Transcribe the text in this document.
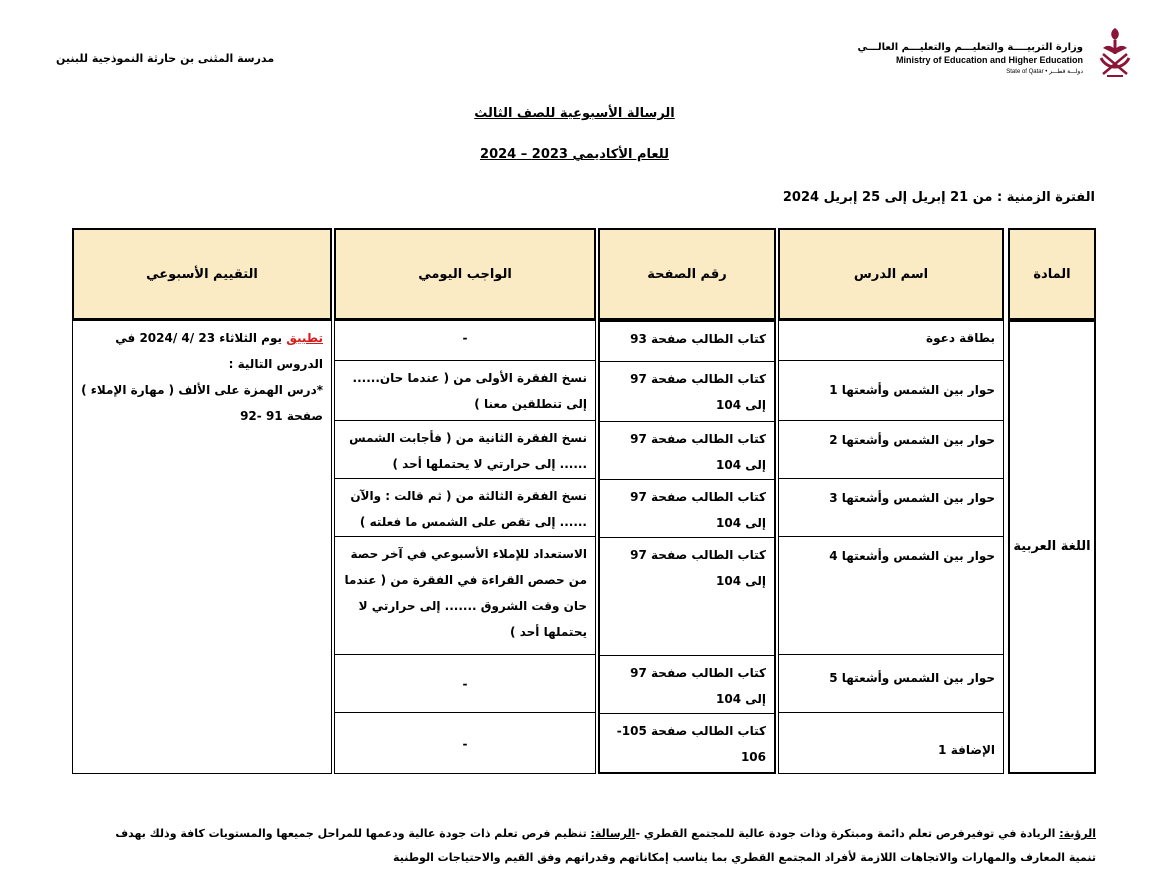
مدرسة المثنى بن حارثة النموذجية للبنين
وزارة التربيــــة والتعليـــم والتعليـــم العالـــي
Ministry of Education and Higher Education
State of Qatar • دولـــة قطـــر
الرسالة الأسبوعية للصف الثالث
للعام الأكاديمي 2023 – 2024
الفترة الزمنية : من 21 إبريل إلى 25 إبريل 2024
المادة
اسم الدرس
رقم الصفحة
الواجب اليومي
التقييم الأسبوعي
اللغة العربية
بطاقة دعوة
حوار بين الشمس وأشعتها 1
حوار بين الشمس وأشعتها 2
حوار بين الشمس وأشعتها 3
حوار بين الشمس وأشعتها 4
حوار بين الشمس وأشعتها 5
الإضافة 1
كتاب الطالب صفحة 93
كتاب الطالب صفحة 97 إلى 104
كتاب الطالب صفحة 97 إلى 104
كتاب الطالب صفحة 97 إلى 104
كتاب الطالب صفحة 97 إلى 104
كتاب الطالب صفحة 97 إلى 104
كتاب الطالب صفحة 105-106
-
نسخ الفقرة الأولى من ( عندما حان...... إلى تنطلقين معنا )
نسخ الفقرة الثانية من ( فأجابت الشمس ...... إلى حرارتي لا يحتملها أحد )
نسخ الفقرة الثالثة من ( ثم قالت : والآن ...... إلى تقص على الشمس ما فعلته )
الاستعداد للإملاء الأسبوعي في آخر حصة من حصص القراءة في الفقرة من ( عندما حان وقت الشروق ....... إلى حرارتي لا يحتملها أحد )
-
-
تطبيق يوم الثلاثاء 23 /4 /2024 في الدروس التالية :
*درس الهمزة على الألف ( مهارة الإملاء ) صفحة 91 -92
الرؤية: الريادة في توفيرفرص تعلم دائمة ومبتكرة وذات جودة عالية للمجتمع القطري -الرسالة: تنظيم فرص تعلم ذات جودة عالية ودعمها للمراحل جميعها والمستويات كافة وذلك بهدف تنمية المعارف والمهارات والاتجاهات اللازمة لأفراد المجتمع القطري بما يناسب إمكاناتهم وقدراتهم وفق القيم والاحتياجات الوطنية
